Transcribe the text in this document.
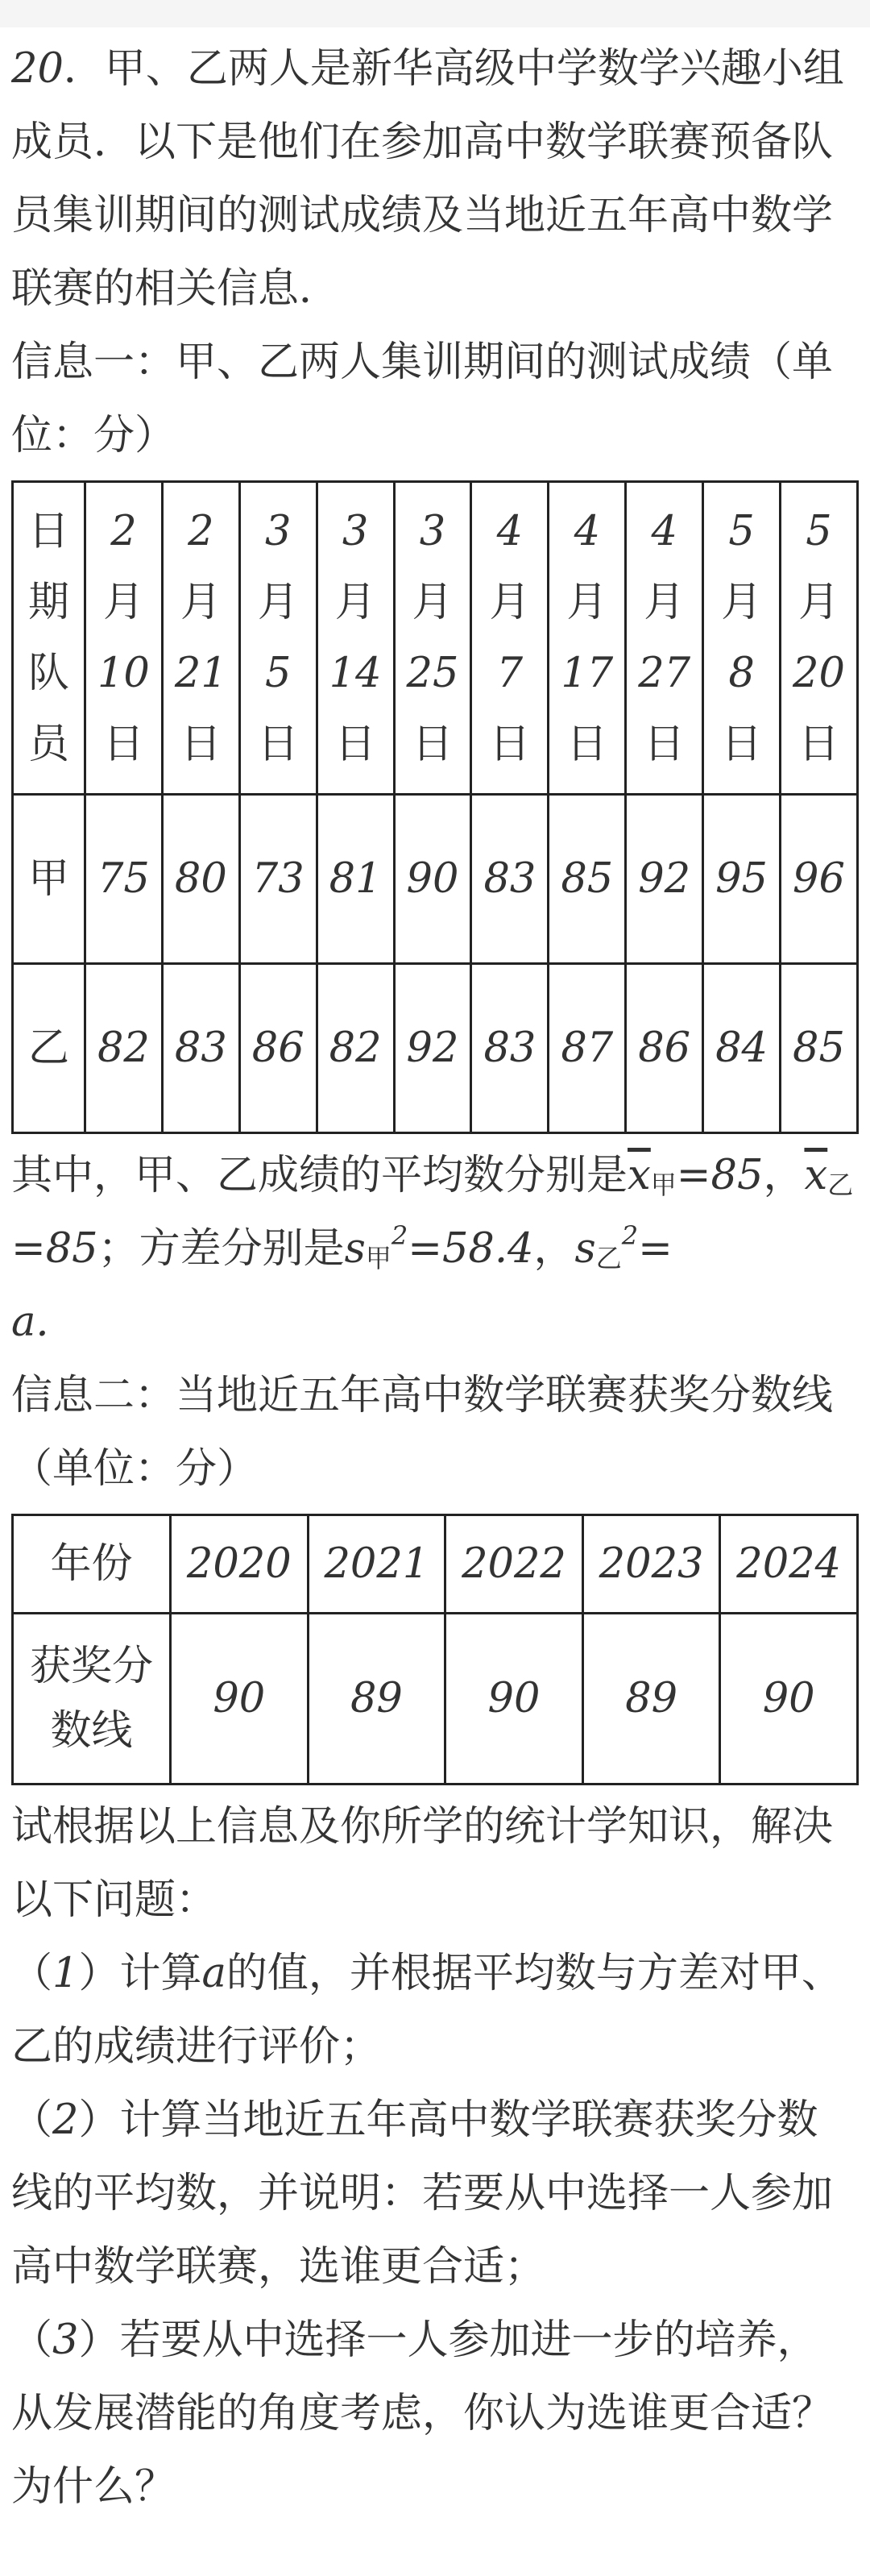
20．甲、乙两人是新华高级中学数学兴趣小组成员．以下是他们在参加高中数学联赛预备队员集训期间的测试成绩及当地近五年高中数学联赛的相关信息．

信息一：甲、乙两人集训期间的测试成绩（单位：分）

日
期
队
员	2
月
10
日	2
月
21
日	3
月
5
日	3
月
14
日	3
月
25
日	4
月
7
日	4
月
17
日	4
月
27
日	5
月
8
日	5
月
20
日

甲	75	80	73	81	90	83	85	92	95	96
乙	82	83	86	82	92	83	87	86	84	85

其中，甲、乙成绩的平均数分别是$\overline{x}_甲=85$，$\overline{x}_乙=85$；方差分别是$s_甲^2=58.4$，$s_乙^2=$
a.

信息二：当地近五年高中数学联赛获奖分数线（单位：分）

年份	2020	2021	2022	2023	2024

获奖分
数线	90	89	90	89	90

试根据以上信息及你所学的统计学知识，解决以下问题：

（1）计算a的值，并根据平均数与方差对甲、乙的成绩进行评价；

（2）计算当地近五年高中数学联赛获奖分数线的平均数，并说明：若要从中选择一人参加高中数学联赛，选谁更合适；

（3）若要从中选择一人参加进一步的培养，从发展潜能的角度考虑，你认为选谁更合适？为什么？
